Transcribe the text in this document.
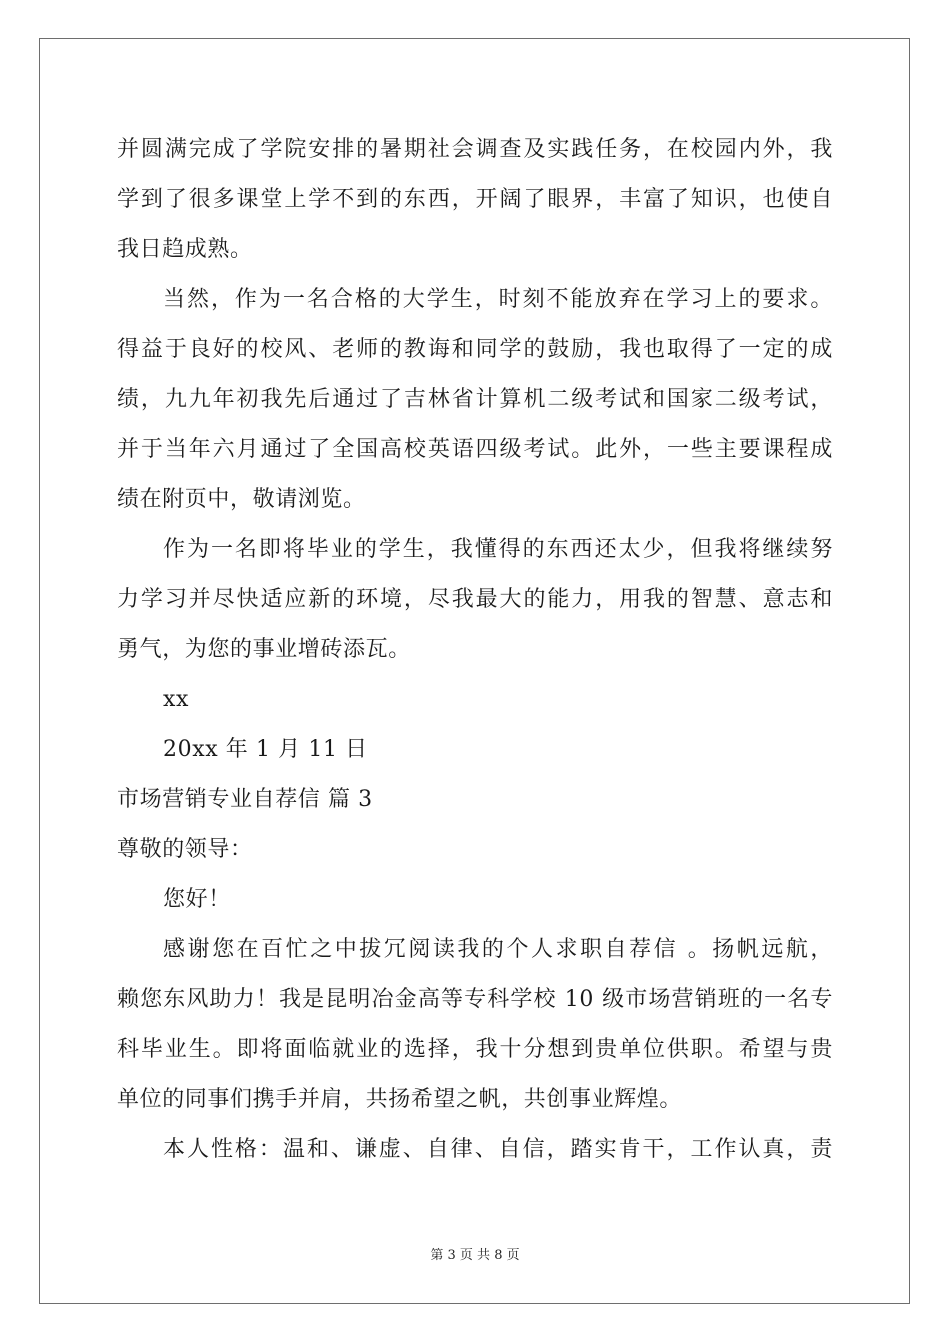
并圆满完成了学院安排的暑期社会调查及实践任务，在校园内外，我
学到了很多课堂上学不到的东西，开阔了眼界，丰富了知识，也使自
我日趋成熟。
当然，作为一名合格的大学生，时刻不能放弃在学习上的要求。
得益于良好的校风、老师的教诲和同学的鼓励，我也取得了一定的成
绩，九九年初我先后通过了吉林省计算机二级考试和国家二级考试，
并于当年六月通过了全国高校英语四级考试。此外，一些主要课程成
绩在附页中，敬请浏览。
作为一名即将毕业的学生，我懂得的东西还太少，但我将继续努
力学习并尽快适应新的环境，尽我最大的能力，用我的智慧、意志和
勇气，为您的事业增砖添瓦。
xx
20xx 年 1 月 11 日
市场营销专业自荐信 篇 3
尊敬的领导：
您好！
感谢您在百忙之中拔冗阅读我的个人求职自荐信 。扬帆远航，
赖您东风助力！我是昆明冶金高等专科学校 10 级市场营销班的一名专
科毕业生。即将面临就业的选择，我十分想到贵单位供职。希望与贵
单位的同事们携手并肩，共扬希望之帆，共创事业辉煌。
本人性格：温和、谦虚、自律、自信，踏实肯干，工作认真，责
第 3 页 共 8 页
